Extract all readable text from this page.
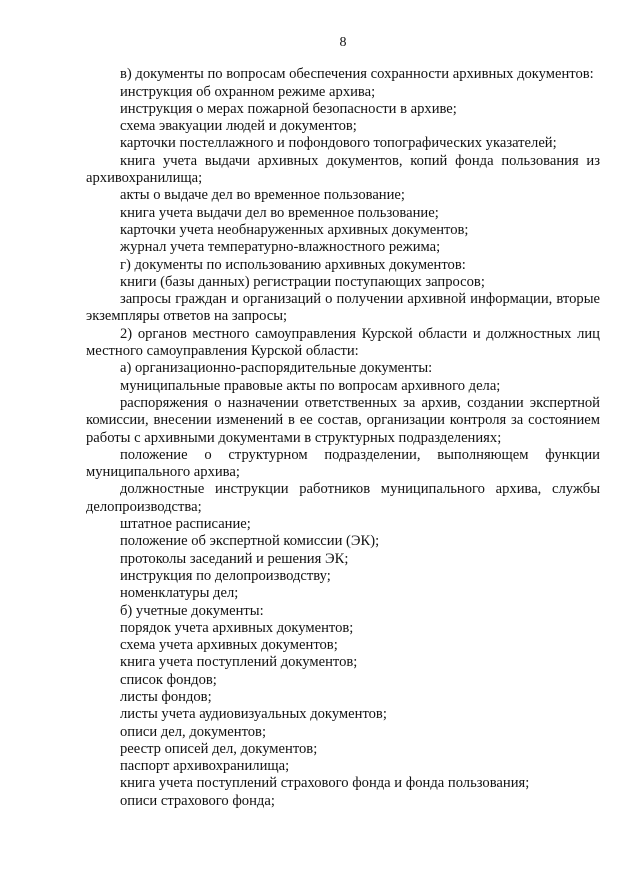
8

в) документы по вопросам обеспечения сохранности архивных документов:

инструкция об охранном режиме архива;

инструкция о мерах пожарной безопасности в архиве;

схема эвакуации людей и документов;

карточки постеллажного и пофондового топографических указателей;

книга учета выдачи архивных документов, копий фонда пользования из архивохранилища;

акты о выдаче дел во временное пользование;

книга учета выдачи дел во временное пользование;

карточки учета необнаруженных архивных документов;

журнал учета температурно-влажностного режима;

г) документы по использованию архивных документов:

книги (базы данных) регистрации поступающих запросов;

запросы граждан и организаций о получении архивной информации, вторые экземпляры ответов на запросы;

2) органов местного самоуправления Курской области и должностных лиц местного самоуправления Курской области:

а) организационно-распорядительные документы:

муниципальные правовые акты по вопросам архивного дела;

распоряжения о назначении ответственных за архив, создании экспертной комиссии, внесении изменений в ее состав, организации контроля за состоянием работы с архивными документами в структурных подразделениях;

положение о структурном подразделении, выполняющем функции муниципального архива;

должностные инструкции работников муниципального архива, службы делопроизводства;

штатное расписание;

положение об экспертной комиссии (ЭК);

протоколы заседаний и решения ЭК;

инструкция по делопроизводству;

номенклатуры дел;

б) учетные документы:

порядок учета архивных документов;

схема учета архивных документов;

книга учета поступлений документов;

список фондов;

листы фондов;

листы учета аудиовизуальных документов;

описи дел, документов;

реестр описей дел, документов;

паспорт архивохранилища;

книга учета поступлений страхового фонда и фонда пользования;

описи страхового фонда;
